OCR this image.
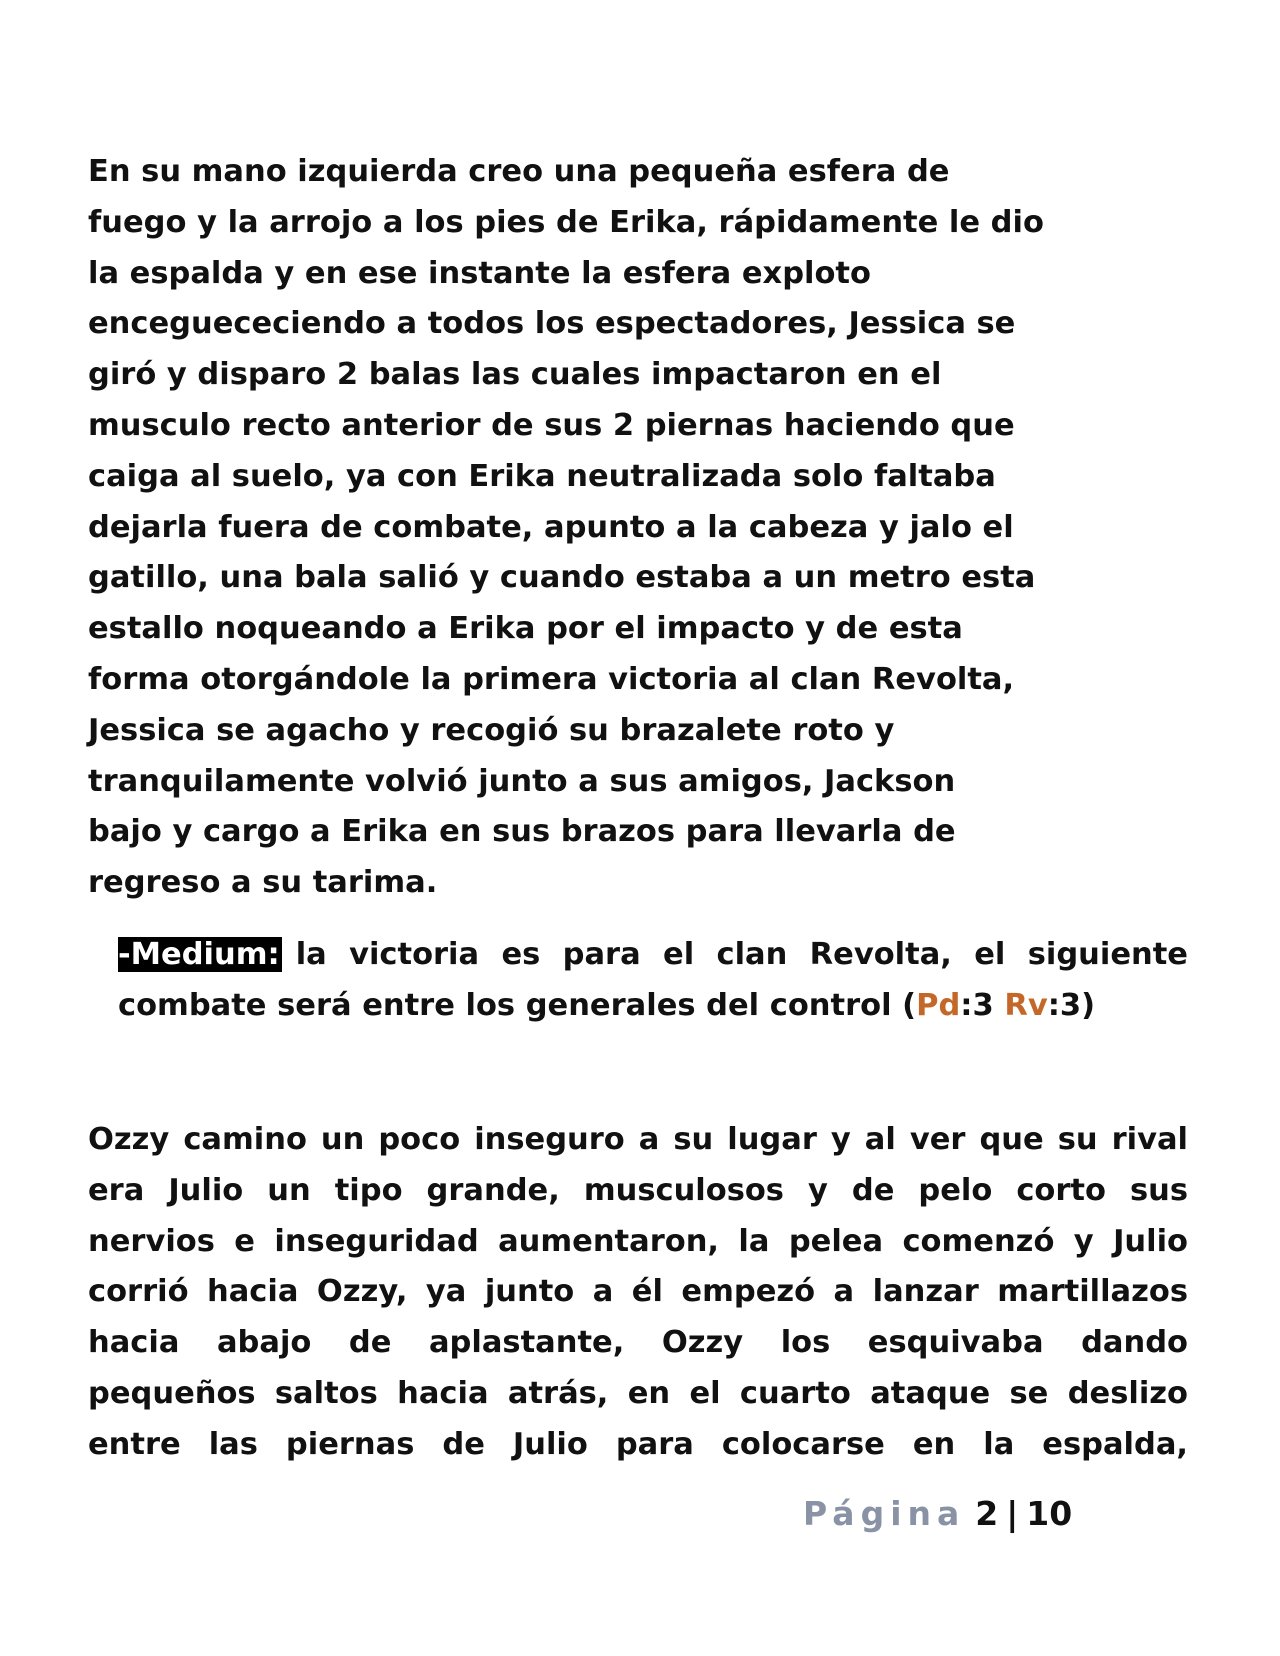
En su mano izquierda creo una pequeña esfera de
fuego y la arrojo a los pies de Erika, rápidamente le dio
la espalda y en ese instante la esfera exploto
enceguececiendo a todos los espectadores, Jessica se
giró y disparo 2 balas las cuales impactaron en el
musculo recto anterior de sus 2 piernas haciendo que
caiga al suelo, ya con Erika neutralizada solo faltaba
dejarla fuera de combate, apunto a la cabeza y jalo el
gatillo, una bala salió y cuando estaba a un metro esta
estallo noqueando a Erika por el impacto y de esta
forma otorgándole la primera victoria al clan Revolta,
Jessica se agacho y recogió su brazalete roto y
tranquilamente volvió junto a sus amigos, Jackson
bajo y cargo a Erika en sus brazos para llevarla de
regreso a su tarima.
-Medium: la victoria es para el clan Revolta, el siguiente
combate será entre los generales del control (Pd:3 Rv:3)
Ozzy camino un poco inseguro a su lugar y al ver que su rival
era Julio un tipo grande, musculosos y de pelo corto sus
nervios e inseguridad aumentaron, la pelea comenzó y Julio
corrió hacia Ozzy, ya junto a él empezó a lanzar martillazos
hacia abajo de aplastante, Ozzy los esquivaba dando
pequeños saltos hacia atrás, en el cuarto ataque se deslizo
entre las piernas de Julio para colocarse en la espalda,
Página 2 | 10
